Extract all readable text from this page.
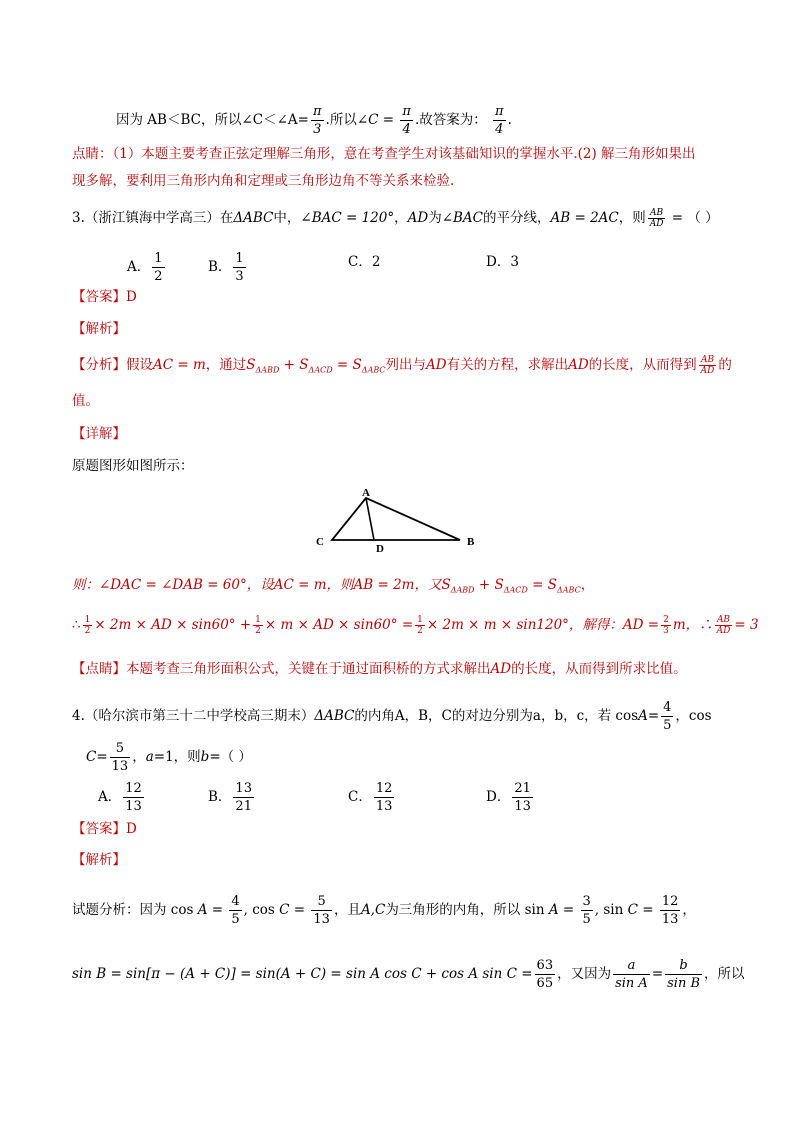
因为 AB＜BC，所以∠C＜∠A= $\frac{\pi}{3}$ .所以∠C = $\frac{\pi}{4}$ .故答案为： $\frac{\pi}{4}$ .
点睛：（1）本题主要考查正弦定理解三角形，意在考查学生对该基础知识的掌握水平.(2) 解三角形如果出
现多解，要利用三角形内角和定理或三角形边角不等关系来检验.
3.（浙江镇海中学高三）在ΔABC中，∠BAC = 120°，AD为∠BAC的平分线，AB = 2AC，则 $\frac{AB}{AD}$ = （ ）
A． $\frac{1}{2}$	B． $\frac{1}{3}$	C．2	D．3
【答案】D
【解析】
【分析】假设AC = m，通过$S_{\Delta ABD} + S_{\Delta ACD} = S_{\Delta ABC}$列出与AD有关的方程，求解出AD的长度，从而得到 $\frac{AB}{AD}$ 的
值。
【详解】
原题图形如图所示：
A
C	B
D
则：∠DAC = ∠DAB = 60°，设AC = m，则AB = 2m，又$S_{\Delta ABD} + S_{\Delta ACD} = S_{\Delta ABC}$，
∴ $\frac{1}{2} \times 2m$ × AD × $\sin 60^\circ + \frac{1}{2} \times m$ × AD × $\sin 60^\circ = \frac{1}{2} \times 2m \times m \times \sin 120^\circ$，解得：AD = $\frac{2}{3}$ m，∴ $\frac{AB}{AD} = 3$
【点睛】本题考查三角形面积公式，关键在于通过面积桥的方式求解出AD的长度，从而得到所求比值。
4.（哈尔滨市第三十二中学校高三期末）ΔABC的内角A，B，C的对边分别为a，b，c，若 $\cos A= \frac{4}{5}$ ，cos
$C= \frac{5}{13}$ ，a=1，则b=（ ）
A． $\frac{12}{13}$	B． $\frac{13}{21}$	C． $\frac{12}{13}$	D． $\frac{21}{13}$
【答案】D
【解析】
试题分析：因为 $\cos A = \frac{4}{5}$ , $\cos C = \frac{5}{13}$ ，且A,C为三角形的内角，所以 $\sin A = \frac{3}{5}$ , $\sin C = \frac{12}{13}$ ，
sin B = sin[π − (A + C)] = sin(A + C) = sin A cos C + cos A $\sin C = \frac{63}{65}$ ，又因为 $\frac{a}{\text{sin A}} = \frac{b}{\text{sin B}}$ ，所以
